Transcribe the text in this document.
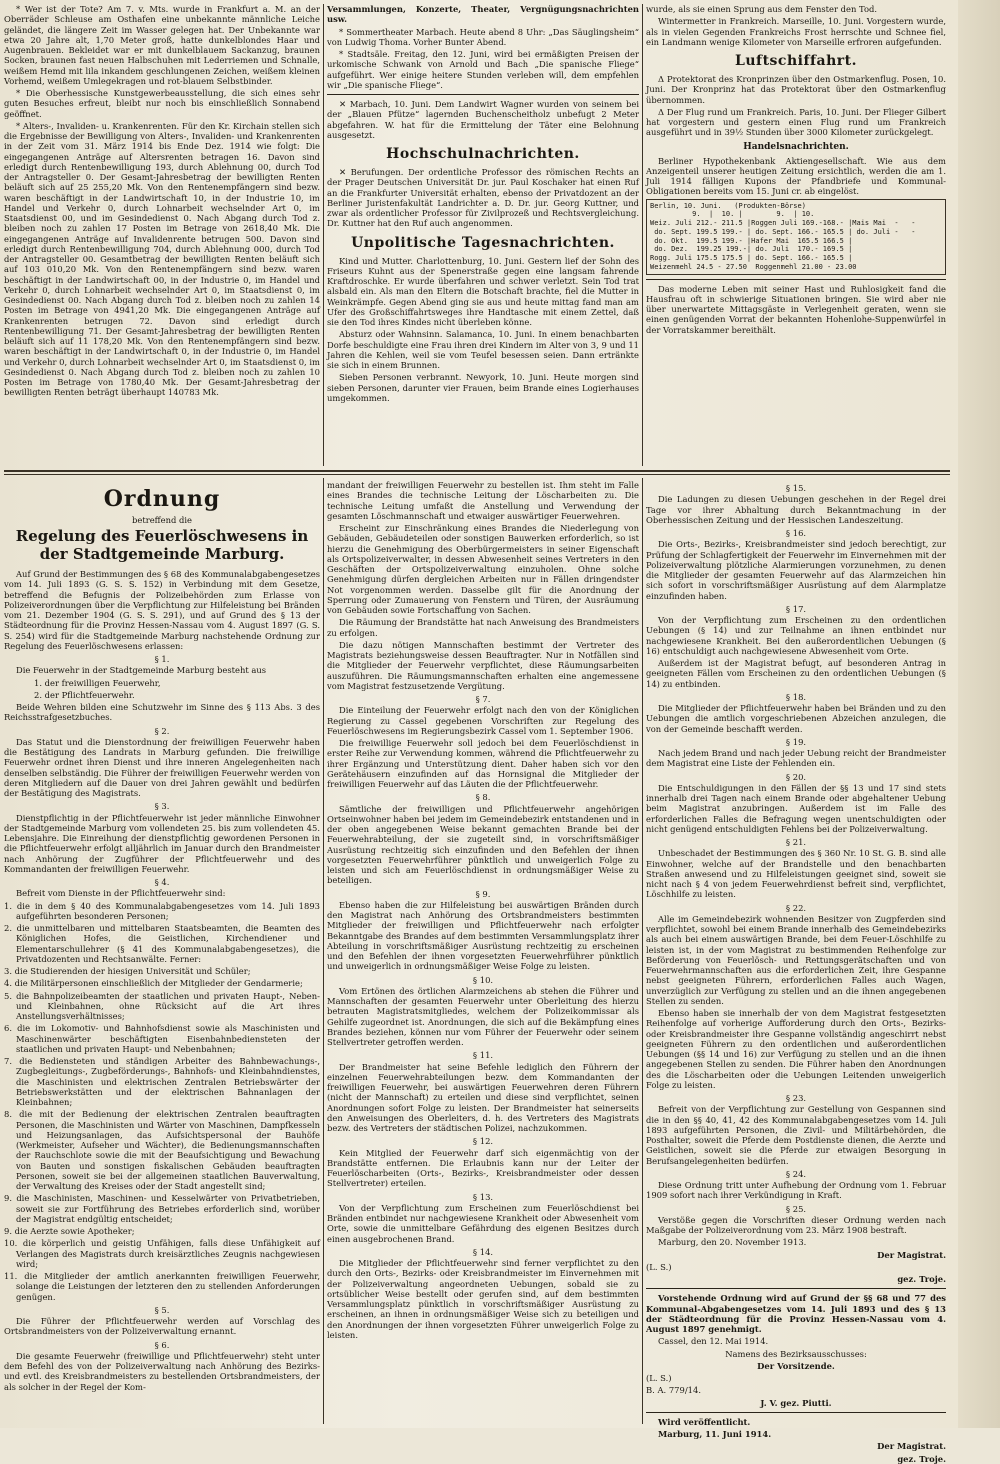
* Wer ist der Tote? Am 7. v. Mts. wurde in Frankfurt a. M. an der Oberräder Schleuse am Osthafen eine unbekannte männliche Leiche geländet, die längere Zeit im Wasser gelegen hat. Der Unbekannte war etwa 20 Jahre alt, 1,70 Meter groß, hatte dunkelblondes Haar und Augenbrauen. Bekleidet war er mit dunkelblauem Sackanzug, braunen Socken, braunen fast neuen Halbschuhen mit Lederriemen und Schnalle, weißem Hemd mit lila inkandem geschlungenen Zeichen, weißem kleinen Vorhemd, weißem Umlegekragen und rot-blauem Selbstbinder.

* Die Oberhessische Kunstgewerbeausstellung, die sich eines sehr guten Besuches erfreut, bleibt nur noch bis einschließlich Sonnabend geöffnet.

* Alters-, Invaliden- u. Krankenrenten. Für den Kr. Kirchain stellen sich die Ergebnisse der Bewilligung von Alters-, Invaliden- und Krankenrenten in der Zeit vom 31. März 1914 bis Ende Dez. 1914 wie folgt: Die eingegangenen Anträge auf Altersrenten betragen 16. Davon sind erledigt durch Rentenbewilligung 193, durch Ablehnung 00, durch Tod der Antragsteller 0. Der Gesamt-Jahresbetrag der bewilligten Renten beläuft sich auf 25 255,20 Mk. Von den Rentenempfängern sind bezw. waren beschäftigt in der Landwirtschaft 10, in der Industrie 10, im Handel und Verkehr 0, durch Lohnarbeit wechselnder Art 0, im Staatsdienst 00, und im Gesindedienst 0. Nach Abgang durch Tod z. bleiben noch zu zahlen 17 Posten im Betrage von 2618,40 Mk. Die eingegangenen Anträge auf Invalidenrente betrugen 500. Davon sind erledigt durch Rentenbewilligung 704, durch Ablehnung 000, durch Tod der Antragsteller 00. Gesamtbetrag der bewilligten Renten beläuft sich auf 103 010,20 Mk. Von den Rentenempfängern sind bezw. waren beschäftigt in der Landwirtschaft 00, in der Industrie 0, im Handel und Verkehr 0, durch Lohnarbeit wechselnder Art 0, im Staatsdienst 0, im Gesindedienst 00. Nach Abgang durch Tod z. bleiben noch zu zahlen 14 Posten im Betrage von 4941,20 Mk. Die eingegangenen Anträge auf Krankenrenten betrugen 72. Davon sind erledigt durch Rentenbewilligung 71. Der Gesamt-Jahresbetrag der bewilligten Renten beläuft sich auf 11 178,20 Mk. Von den Rentenempfängern sind bezw. waren beschäftigt in der Landwirtschaft 0, in der Industrie 0, im Handel und Verkehr 0, durch Lohnarbeit wechselnder Art 0, im Staatsdienst 0, im Gesindedienst 0. Nach Abgang durch Tod z. bleiben noch zu zahlen 10 Posten im Betrage von 1780,40 Mk. Der Gesamt-Jahresbetrag der bewilligten Renten beträgt überhaupt 140783 Mk.

Versammlungen, Konzerte, Theater, Vergnügungsnachrichten usw.

* Sommertheater Marbach. Heute abend 8 Uhr: „Das Säuglingsheim“ von Ludwig Thoma. Vorher Bunter Abend.

* Stadtsäle. Freitag, den 12. Juni, wird bei ermäßigten Preisen der urkomische Schwank von Arnold und Bach „Die spanische Fliege“ aufgeführt. Wer einige heitere Stunden verleben will, dem empfehlen wir „Die spanische Fliege“.

✕ Marbach, 10. Juni. Dem Landwirt Wagner wurden von seinem bei der „Blauen Pfütze“ lagernden Buchenscheitholz unbefugt 2 Meter abgefahren. W. hat für die Ermittelung der Täter eine Belohnung ausgesetzt.

Hochschulnachrichten.

✕ Berufungen. Der ordentliche Professor des römischen Rechts an der Prager Deutschen Universität Dr. jur. Paul Koschaker hat einen Ruf an die Frankfurter Universität erhalten, ebenso der Privatdozent an der Berliner Juristenfakultät Landrichter a. D. Dr. jur. Georg Kuttner, und zwar als ordentlicher Professor für Zivilprozeß und Rechtsvergleichung. Dr. Kuttner hat den Ruf auch angenommen.

Unpolitische Tagesnachrichten.

Kind und Mutter. Charlottenburg, 10. Juni. Gestern lief der Sohn des Friseurs Kuhnt aus der Spenerstraße gegen eine langsam fahrende Kraftdroschke. Er wurde überfahren und schwer verletzt. Sein Tod trat alsbald ein. Als man den Eltern die Botschaft brachte, fiel die Mutter in Weinkrämpfe. Gegen Abend ging sie aus und heute mittag fand man am Ufer des Großschiffahrtsweges ihre Handtasche mit einem Zettel, daß sie den Tod ihres Kindes nicht überleben könne.

Absturz oder Wahnsinn. Salamanca, 10. Juni. In einem benachbarten Dorfe beschuldigte eine Frau ihren drei Kindern im Alter von 3, 9 und 11 Jahren die Kehlen, weil sie vom Teufel besessen seien. Dann ertränkte sie sich in einem Brunnen.

Sieben Personen verbrannt. Newyork, 10. Juni. Heute morgen sind sieben Personen, darunter vier Frauen, beim Brande eines Logierhauses umgekommen.

wurde, als sie einen Sprung aus dem Fenster den Tod.

Wintermetter in Frankreich. Marseille, 10. Juni. Vorgestern wurde, als in vielen Gegenden Frankreichs Frost herrschte und Schnee fiel, ein Landmann wenige Kilometer von Marseille erfroren aufgefunden.

Luftschiffahrt.

Δ Protektorat des Kronprinzen über den Ostmarkenflug. Posen, 10. Juni. Der Kronprinz hat das Protektorat über den Ostmarkenflug übernommen.

Δ Der Flug rund um Frankreich. Paris, 10. Juni. Der Flieger Gilbert hat vorgestern und gestern einen Flug rund um Frankreich ausgeführt und in 39½ Stunden über 3000 Kilometer zurückgelegt.

Handelsnachrichten.

Berliner Hypothekenbank Aktiengesellschaft. Wie aus dem Anzeigenteil unserer heutigen Zeitung ersichtlich, werden die am 1. Juli 1914 fälligen Kupons der Pfandbriefe und Kommunal-Obligationen bereits vom 15. Juni cr. ab eingelöst.

Berlin, 10. Juni.   (Produkten-Börse)
9.  |  10. |        9.  | 10.
Weiz. Juli 212.- 211.5 |Roggen Juli 169.-168.- |Mais Mai  -   -
do. Sept. 199.5 199.- | do. Sept. 166.- 165.5 | do. Juli -   -
do. Okt.  199.5 199.- |Hafer Mai  165.5 166.5 |
do. Dez.  199.25 199.-| do. Juli  170.- 169.5 |
Rogg. Juli 175.5 175.5 | do. Sept. 166.- 165.5 |
Weizenmehl 24.5 - 27.50  Roggenmehl 21.00 - 23.00

Das moderne Leben mit seiner Hast und Ruhlosigkeit fand die Hausfrau oft in schwierige Situationen bringen. Sie wird aber nie über unerwartete Mittagsgäste in Verlegenheit geraten, wenn sie einen genügenden Vorrat der bekannten Hohenlohe-Suppenwürfel in der Vorratskammer bereithält.

Ordnung
betreffend die
Regelung des Feuerlöschwesens in der Stadtgemeinde Marburg.

Auf Grund der Bestimmungen des § 68 des Kommunalabgabengesetzes vom 14. Juli 1893 (G. S. S. 152) in Verbindung mit dem Gesetze, betreffend die Befugnis der Polizeibehörden zum Erlasse von Polizeiverordnungen über die Verpflichtung zur Hilfeleistung bei Bränden vom 21. Dezember 1904 (G. S. S. 291), und auf Grund des § 13 der Städteordnung für die Provinz Hessen-Nassau vom 4. August 1897 (G. S. S. 254) wird für die Stadtgemeinde Marburg nachstehende Ordnung zur Regelung des Feuerlöschwesens erlassen:

§ 1.

Die Feuerwehr in der Stadtgemeinde Marburg besteht aus

1. der freiwilligen Feuerwehr,

2. der Pflichtfeuerwehr.

Beide Wehren bilden eine Schutzwehr im Sinne des § 113 Abs. 3 des Reichsstrafgesetzbuches.

§ 2.

Das Statut und die Dienstordnung der freiwilligen Feuerwehr haben die Bestätigung des Landrats in Marburg gefunden. Die freiwillige Feuerwehr ordnet ihren Dienst und ihre inneren Angelegenheiten nach denselben selbständig. Die Führer der freiwilligen Feuerwehr werden von deren Mitgliedern auf die Dauer von drei Jahren gewählt und bedürfen der Bestätigung des Magistrats.

§ 3.

Dienstpflichtig in der Pflichtfeuerwehr ist jeder männliche Einwohner der Stadtgemeinde Marburg vom vollendeten 25. bis zum vollendeten 45. Lebensjahre. Die Einreihung der dienstpflichtig gewordenen Personen in die Pflichtfeuerwehr erfolgt alljährlich im Januar durch den Brandmeister nach Anhörung der Zugführer der Pflichtfeuerwehr und des Kommandanten der freiwilligen Feuerwehr.

§ 4.

Befreit vom Dienste in der Pflichtfeuerwehr sind:

1. die in dem § 40 des Kommunalabgabengesetzes vom 14. Juli 1893 aufgeführten besonderen Personen;

2. die unmittelbaren und mittelbaren Staatsbeamten, die Beamten des Königlichen Hofes, die Geistlichen, Kirchendiener und Elementarschullehrer (§ 41 des Kommunalabgabengesetzes), die Privatdozenten und Rechtsanwälte. Ferner:

3. die Studierenden der hiesigen Universität und Schüler;

4. die Militärpersonen einschließlich der Mitglieder der Gendarmerie;

5. die Bahnpolizeibeamten der staatlichen und privaten Haupt-, Neben- und Kleinbahnen, ohne Rücksicht auf die Art ihres Anstellungsverhältnisses;

6. die im Lokomotiv- und Bahnhofsdienst sowie als Maschinisten und Maschinenwärter beschäftigten Eisenbahnbediensteten der staatlichen und privaten Haupt- und Nebenbahnen;

7. die Bediensteten und ständigen Arbeiter des Bahnbewachungs-, Zugbegleitungs-, Zugbeförderungs-, Bahnhofs- und Kleinbahndienstes, die Maschinisten und elektrischen Zentralen Betriebswärter der Betriebswerkstätten und der elektrischen Bahnanlagen der Kleinbahnen;

8. die mit der Bedienung der elektrischen Zentralen beauftragten Personen, die Maschinisten und Wärter von Maschinen, Dampfkesseln und Heizungsanlagen, das Aufsichtspersonal der Bauhöfe (Werkmeister, Aufseher und Wächter), die Bedienungsmannschaften der Rauchschlote sowie die mit der Beaufsichtigung und Bewachung von Bauten und sonstigen fiskalischen Gebäuden beauftragten Personen, soweit sie bei der allgemeinen staatlichen Bauverwaltung, der Verwaltung des Kreises oder der Stadt angestellt sind;

9. die Maschinisten, Maschinen- und Kesselwärter von Privatbetrieben, soweit sie zur Fortführung des Betriebes erforderlich sind, worüber der Magistrat endgültig entscheidet;

9. die Aerzte sowie Apotheker;

10. die körperlich und geistig Unfähigen, falls diese Unfähigkeit auf Verlangen des Magistrats durch kreisärztliches Zeugnis nachgewiesen wird;

11. die Mitglieder der amtlich anerkannten freiwilligen Feuerwehr, solange die Leistungen der letzteren den zu stellenden Anforderungen genügen.

§ 5.

Die Führer der Pflichtfeuerwehr werden auf Vorschlag des Ortsbrandmeisters von der Polizeiverwaltung ernannt.

§ 6.

Die gesamte Feuerwehr (freiwillige und Pflichtfeuerwehr) steht unter dem Befehl des von der Polizeiverwaltung nach Anhörung des Bezirks- und evtl. des Kreisbrandmeisters zu bestellenden Ortsbrandmeisters, der als solcher in der Regel der Kom-

mandant der freiwilligen Feuerwehr zu bestellen ist. Ihm steht im Falle eines Brandes die technische Leitung der Löscharbeiten zu. Die technische Leitung umfaßt die Anstellung und Verwendung der gesamten Löschmannschaft und etwaiger auswärtiger Feuerwehren.

Erscheint zur Einschränkung eines Brandes die Niederlegung von Gebäuden, Gebäudeteilen oder sonstigen Bauwerken erforderlich, so ist hierzu die Genehmigung des Oberbürgermeisters in seiner Eigenschaft als Ortspolizeiverwalter, in dessen Abwesenheit seines Vertreters in den Geschäften der Ortspolizeiverwaltung einzuholen. Ohne solche Genehmigung dürfen dergleichen Arbeiten nur in Fällen dringendster Not vorgenommen werden. Dasselbe gilt für die Anordnung der Sperrung oder Zumauerung von Fenstern und Türen, der Ausräumung von Gebäuden sowie Fortschaffung von Sachen.

Die Räumung der Brandstätte hat nach Anweisung des Brandmeisters zu erfolgen.

Die dazu nötigen Mannschaften bestimmt der Vertreter des Magistrats beziehungsweise dessen Beauftragter. Nur in Notfällen sind die Mitglieder der Feuerwehr verpflichtet, diese Räumungsarbeiten auszuführen. Die Räumungsmannschaften erhalten eine angemessene vom Magistrat festzusetzende Vergütung.

§ 7.

Die Einteilung der Feuerwehr erfolgt nach den von der Königlichen Regierung zu Cassel gegebenen Vorschriften zur Regelung des Feuerlöschwesens im Regierungsbezirk Cassel vom 1. September 1906.

Die freiwillige Feuerwehr soll jedoch bei dem Feuerlöschdienst in erster Reihe zur Verwendung kommen, während die Pflichtfeuerwehr zu ihrer Ergänzung und Unterstützung dient. Daher haben sich vor den Gerätehäusern einzufinden auf das Hornsignal die Mitglieder der freiwilligen Feuerwehr auf das Läuten die der Pflichtfeuerwehr.

§ 8.

Sämtliche der freiwilligen und Pflichtfeuerwehr angehörigen Ortseinwohner haben bei jedem im Gemeindebezirk entstandenen und in der oben angegebenen Weise bekannt gemachten Brande bei der Feuerwehrabteilung, der sie zugeteilt sind, in vorschriftsmäßiger Ausrüstung rechtzeitig sich einzufinden und den Befehlen der ihnen vorgesetzten Feuerwehrführer pünktlich und unweigerlich Folge zu leisten und sich am Feuerlöschdienst in ordnungsmäßiger Weise zu beteiligen.

§ 9.

Ebenso haben die zur Hilfeleistung bei auswärtigen Bränden durch den Magistrat nach Anhörung des Ortsbrandmeisters bestimmten Mitglieder der freiwilligen und Pflichtfeuerwehr nach erfolgter Bekanntgabe des Brandes auf dem bestimmten Versammlungsplatz ihrer Abteilung in vorschriftsmäßiger Ausrüstung rechtzeitig zu erscheinen und den Befehlen der ihnen vorgesetzten Feuerwehrführer pünktlich und unweigerlich in ordnungsmäßiger Weise Folge zu leisten.

§ 10.

Vom Ertönen des örtlichen Alarmzeichens ab stehen die Führer und Mannschaften der gesamten Feuerwehr unter Oberleitung des hierzu betrauten Magistratsmitgliedes, welchem der Polizeikommissar als Gehilfe zugeordnet ist. Anordnungen, die sich auf die Bekämpfung eines Brandes beziehen, können nur vom Führer der Feuerwehr oder seinem Stellvertreter getroffen werden.

§ 11.

Der Brandmeister hat seine Befehle lediglich den Führern der einzelnen Feuerwehrabteilungen bezw. dem Kommandanten der freiwilligen Feuerwehr, bei auswärtigen Feuerwehren deren Führern (nicht der Mannschaft) zu erteilen und diese sind verpflichtet, seinen Anordnungen sofort Folge zu leisten. Der Brandmeister hat seinerseits den Anweisungen des Oberleiters, d. h. des Vertreters des Magistrats bezw. des Vertreters der städtischen Polizei, nachzukommen.

§ 12.

Kein Mitglied der Feuerwehr darf sich eigenmächtig von der Brandstätte entfernen. Die Erlaubnis kann nur der Leiter der Feuerlöscharbeiten (Orts-, Bezirks-, Kreisbrandmeister oder dessen Stellvertreter) erteilen.

§ 13.

Von der Verpflichtung zum Erscheinen zum Feuerlöschdienst bei Bränden entbindet nur nachgewiesene Krankheit oder Abwesenheit vom Orte, sowie die unmittelbare Gefährdung des eigenen Besitzes durch einen ausgebrochenen Brand.

§ 14.

Die Mitglieder der Pflichtfeuerwehr sind ferner verpflichtet zu den durch den Orts-, Bezirks- oder Kreisbrandmeister im Einvernehmen mit der Polizeiverwaltung angeordneten Uebungen, sobald sie zu ortsüblicher Weise bestellt oder gerufen sind, auf dem bestimmten Versammlungsplatz pünktlich in vorschriftsmäßiger Ausrüstung zu erscheinen, an ihnen in ordnungsmäßiger Weise sich zu beteiligen und den Anordnungen der ihnen vorgesetzten Führer unweigerlich Folge zu leisten.

§ 15.

Die Ladungen zu diesen Uebungen geschehen in der Regel drei Tage vor ihrer Abhaltung durch Bekanntmachung in der Oberhessischen Zeitung und der Hessischen Landeszeitung.

§ 16.

Die Orts-, Bezirks-, Kreisbrandmeister sind jedoch berechtigt, zur Prüfung der Schlagfertigkeit der Feuerwehr im Einvernehmen mit der Polizeiverwaltung plötzliche Alarmierungen vorzunehmen, zu denen die Mitglieder der gesamten Feuerwehr auf das Alarmzeichen hin sich sofort in vorschriftsmäßiger Ausrüstung auf dem Alarmplatze einzufinden haben.

§ 17.

Von der Verpflichtung zum Erscheinen zu den ordentlichen Uebungen (§ 14) und zur Teilnahme an ihnen entbindet nur nachgewiesene Krankheit. Bei den außerordentlichen Uebungen (§ 16) entschuldigt auch nachgewiesene Abwesenheit vom Orte.

Außerdem ist der Magistrat befugt, auf besonderen Antrag in geeigneten Fällen vom Erscheinen zu den ordentlichen Uebungen (§ 14) zu entbinden.

§ 18.

Die Mitglieder der Pflichtfeuerwehr haben bei Bränden und zu den Uebungen die amtlich vorgeschriebenen Abzeichen anzulegen, die von der Gemeinde beschafft werden.

§ 19.

Nach jedem Brand und nach jeder Uebung reicht der Brandmeister dem Magistrat eine Liste der Fehlenden ein.

§ 20.

Die Entschuldigungen in den Fällen der §§ 13 und 17 sind stets innerhalb drei Tagen nach einem Brande oder abgehaltener Uebung beim Magistrat anzubringen. Außerdem ist im Falle des erforderlichen Falles die Befragung wegen unentschuldigten oder nicht genügend entschuldigten Fehlens bei der Polizeiverwaltung.

§ 21.

Unbeschadet der Bestimmungen des § 360 Nr. 10 St. G. B. sind alle Einwohner, welche auf der Brandstelle und den benachbarten Straßen anwesend und zu Hilfeleistungen geeignet sind, soweit sie nicht nach § 4 von jedem Feuerwehrdienst befreit sind, verpflichtet, Löschhilfe zu leisten.

§ 22.

Alle im Gemeindebezirk wohnenden Besitzer von Zugpferden sind verpflichtet, sowohl bei einem Brande innerhalb des Gemeindebezirks als auch bei einem auswärtigen Brande, bei dem Feuer-Löschhilfe zu leisten ist, in der vom Magistrat zu bestimmenden Reihenfolge zur Beförderung von Feuerlösch- und Rettungsgerätschaften und von Feuerwehrmannschaften aus die erforderlichen Zeit, ihre Gespanne nebst geeigneten Führern, erforderlichen Falles auch Wagen, unverzüglich zur Verfügung zu stellen und an die ihnen angegebenen Stellen zu senden.

Ebenso haben sie innerhalb der von dem Magistrat festgesetzten Reihenfolge auf vorherige Aufforderung durch den Orts-, Bezirks- oder Kreisbrandmeister ihre Gespanne vollständig angeschirrt nebst geeigneten Führern zu den ordentlichen und außerordentlichen Uebungen (§§ 14 und 16) zur Verfügung zu stellen und an die ihnen angegebenen Stellen zu senden. Die Führer haben den Anordnungen des die Löscharbeiten oder die Uebungen Leitenden unweigerlich Folge zu leisten.

§ 23.

Befreit von der Verpflichtung zur Gestellung von Gespannen sind die in den §§ 40, 41, 42 des Kommunalabgabengesetzes vom 14. Juli 1893 aufgeführten Personen, die Zivil- und Militärbehörden, die Posthalter, soweit die Pferde dem Postdienste dienen, die Aerzte und Geistlichen, soweit sie die Pferde zur etwaigen Besorgung in Berufsangelegenheiten bedürfen.

§ 24.

Diese Ordnung tritt unter Aufhebung der Ordnung vom 1. Februar 1909 sofort nach ihrer Verkündigung in Kraft.

§ 25.

Verstöße gegen die Vorschriften dieser Ordnung werden nach Maßgabe der Polizeiverordnung vom 23. März 1908 bestraft.

Marburg, den 20. November 1913.

Der Magistrat.

(L. S.)

gez. Troje.

Vorstehende Ordnung wird auf Grund der §§ 68 und 77 des Kommunal-Abgabengesetzes vom 14. Juli 1893 und des § 13 der Städteordnung für die Provinz Hessen-Nassau vom 4. August 1897 genehmigt.

Cassel, den 12. Mai 1914.

Namens des Bezirksausschusses:

Der Vorsitzende.

(L. S.)

B. A. 779/14.

J. V. gez. Piutti.

Wird veröffentlicht.

Marburg, 11. Juni 1914.

Der Magistrat.

gez. Troje.
